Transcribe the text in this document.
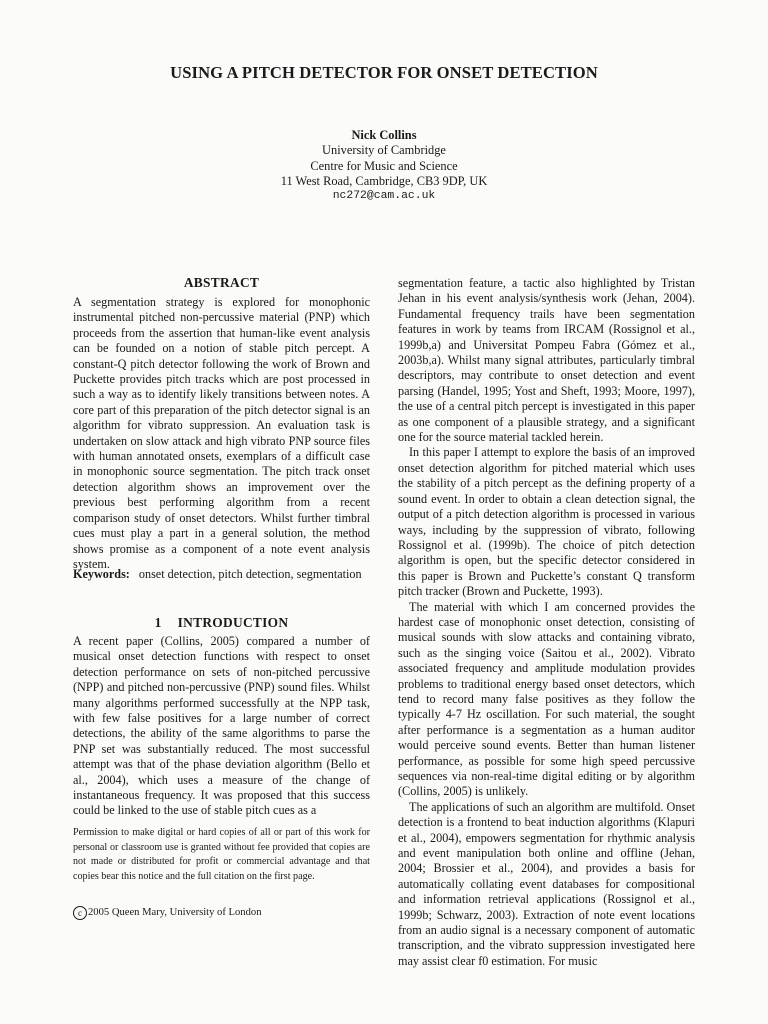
USING A PITCH DETECTOR FOR ONSET DETECTION
Nick Collins
University of Cambridge
Centre for Music and Science
11 West Road, Cambridge, CB3 9DP, UK
nc272@cam.ac.uk
ABSTRACT

A segmentation strategy is explored for monophonic instrumental pitched non-percussive material (PNP) which proceeds from the assertion that human-like event analysis can be founded on a notion of stable pitch percept. A constant-Q pitch detector following the work of Brown and Puckette provides pitch tracks which are post processed in such a way as to identify likely transitions between notes. A core part of this preparation of the pitch detector signal is an algorithm for vibrato suppression. An evaluation task is undertaken on slow attack and high vibrato PNP source files with human annotated onsets, exemplars of a difficult case in monophonic source segmentation. The pitch track onset detection algorithm shows an improvement over the previous best performing algorithm from a recent comparison study of onset detectors. Whilst further timbral cues must play a part in a general solution, the method shows promise as a component of a note event analysis system.

Keywords: onset detection, pitch detection, segmentation
1 INTRODUCTION

A recent paper (Collins, 2005) compared a number of musical onset detection functions with respect to onset detection performance on sets of non-pitched percussive (NPP) and pitched non-percussive (PNP) sound files. Whilst many algorithms performed successfully at the NPP task, with few false positives for a large number of correct detections, the ability of the same algorithms to parse the PNP set was substantially reduced. The most successful attempt was that of the phase deviation algorithm (Bello et al., 2004), which uses a measure of the change of instantaneous frequency. It was proposed that this success could be linked to the use of stable pitch cues as a

Permission to make digital or hard copies of all or part of this work for personal or classroom use is granted without fee provided that copies are not made or distributed for profit or commercial advantage and that copies bear this notice and the full citation on the first page.
c 2005 Queen Mary, University of London

segmentation feature, a tactic also highlighted by Tristan Jehan in his event analysis/synthesis work (Jehan, 2004). Fundamental frequency trails have been segmentation features in work by teams from IRCAM (Rossignol et al., 1999b,a) and Universitat Pompeu Fabra (Gómez et al., 2003b,a). Whilst many signal attributes, particularly timbral descriptors, may contribute to onset detection and event parsing (Handel, 1995; Yost and Sheft, 1993; Moore, 1997), the use of a central pitch percept is investigated in this paper as one component of a plausible strategy, and a significant one for the source material tackled herein.

In this paper I attempt to explore the basis of an improved onset detection algorithm for pitched material which uses the stability of a pitch percept as the defining property of a sound event. In order to obtain a clean detection signal, the output of a pitch detection algorithm is processed in various ways, including by the suppression of vibrato, following Rossignol et al. (1999b). The choice of pitch detection algorithm is open, but the specific detector considered in this paper is Brown and Puckette’s constant Q transform pitch tracker (Brown and Puckette, 1993).

The material with which I am concerned provides the hardest case of monophonic onset detection, consisting of musical sounds with slow attacks and containing vibrato, such as the singing voice (Saitou et al., 2002). Vibrato associated frequency and amplitude modulation provides problems to traditional energy based onset detectors, which tend to record many false positives as they follow the typically 4-7 Hz oscillation. For such material, the sought after performance is a segmentation as a human auditor would perceive sound events. Better than human listener performance, as possible for some high speed percussive sequences via non-real-time digital editing or by algorithm (Collins, 2005) is unlikely.

The applications of such an algorithm are multifold. Onset detection is a frontend to beat induction algorithms (Klapuri et al., 2004), empowers segmentation for rhythmic analysis and event manipulation both online and offline (Jehan, 2004; Brossier et al., 2004), and provides a basis for automatically collating event databases for compositional and information retrieval applications (Rossignol et al., 1999b; Schwarz, 2003). Extraction of note event locations from an audio signal is a necessary component of automatic transcription, and the vibrato suppression investigated here may assist clear f0 estimation. For music
